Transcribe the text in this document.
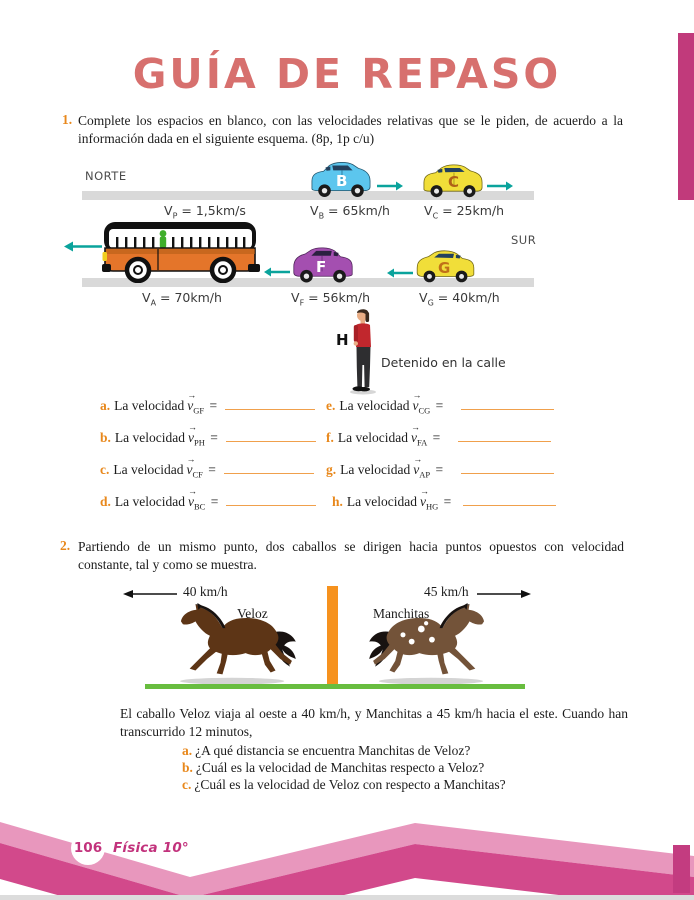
GUÍA DE REPASO
1. Complete los espacios en blanco, con las velocidades relativas que se le piden, de acuerdo a la información dada en el siguiente esquema. (8p, 1p c/u)
NORTE
SUR
B	C
$V_P = 1,5km/s$	$V_B = 65km/h$	$V_C = 25km/h$
F	G
$V_A = 70km/h$	$V_F = 56km/h$	$V_G = 40km/h$
H
Detenido en la calle
a. La velocidad v
→
$_{GF}$ =
b. La velocidad v
→
$_{PH}$ =
c. La velocidad v
→
$_{CF}$ =
d. La velocidad v
→
$_{BC}$ =
e. La velocidad v
→
$_{CG}$ =
f. La velocidad v
→
$_{FA}$ =
g. La velocidad v
→
$_{AP}$ =
h. La velocidad v
→
$_{HG}$ =
2. Partiendo de un mismo punto, dos caballos se dirigen hacia puntos opuestos con velocidad constante, tal y como se muestra.
40 km/h
Veloz
45 km/h
Manchitas
El caballo Veloz viaja al oeste a 40 km/h, y Manchitas a 45 km/h hacia el este. Cuando han transcurrido 12 minutos,
a. ¿A qué distancia se encuentra Manchitas de Veloz?
b. ¿Cuál es la velocidad de Manchitas respecto a Veloz?
c. ¿Cuál es la velocidad de Veloz con respecto a Manchitas?
106 Física 10°
